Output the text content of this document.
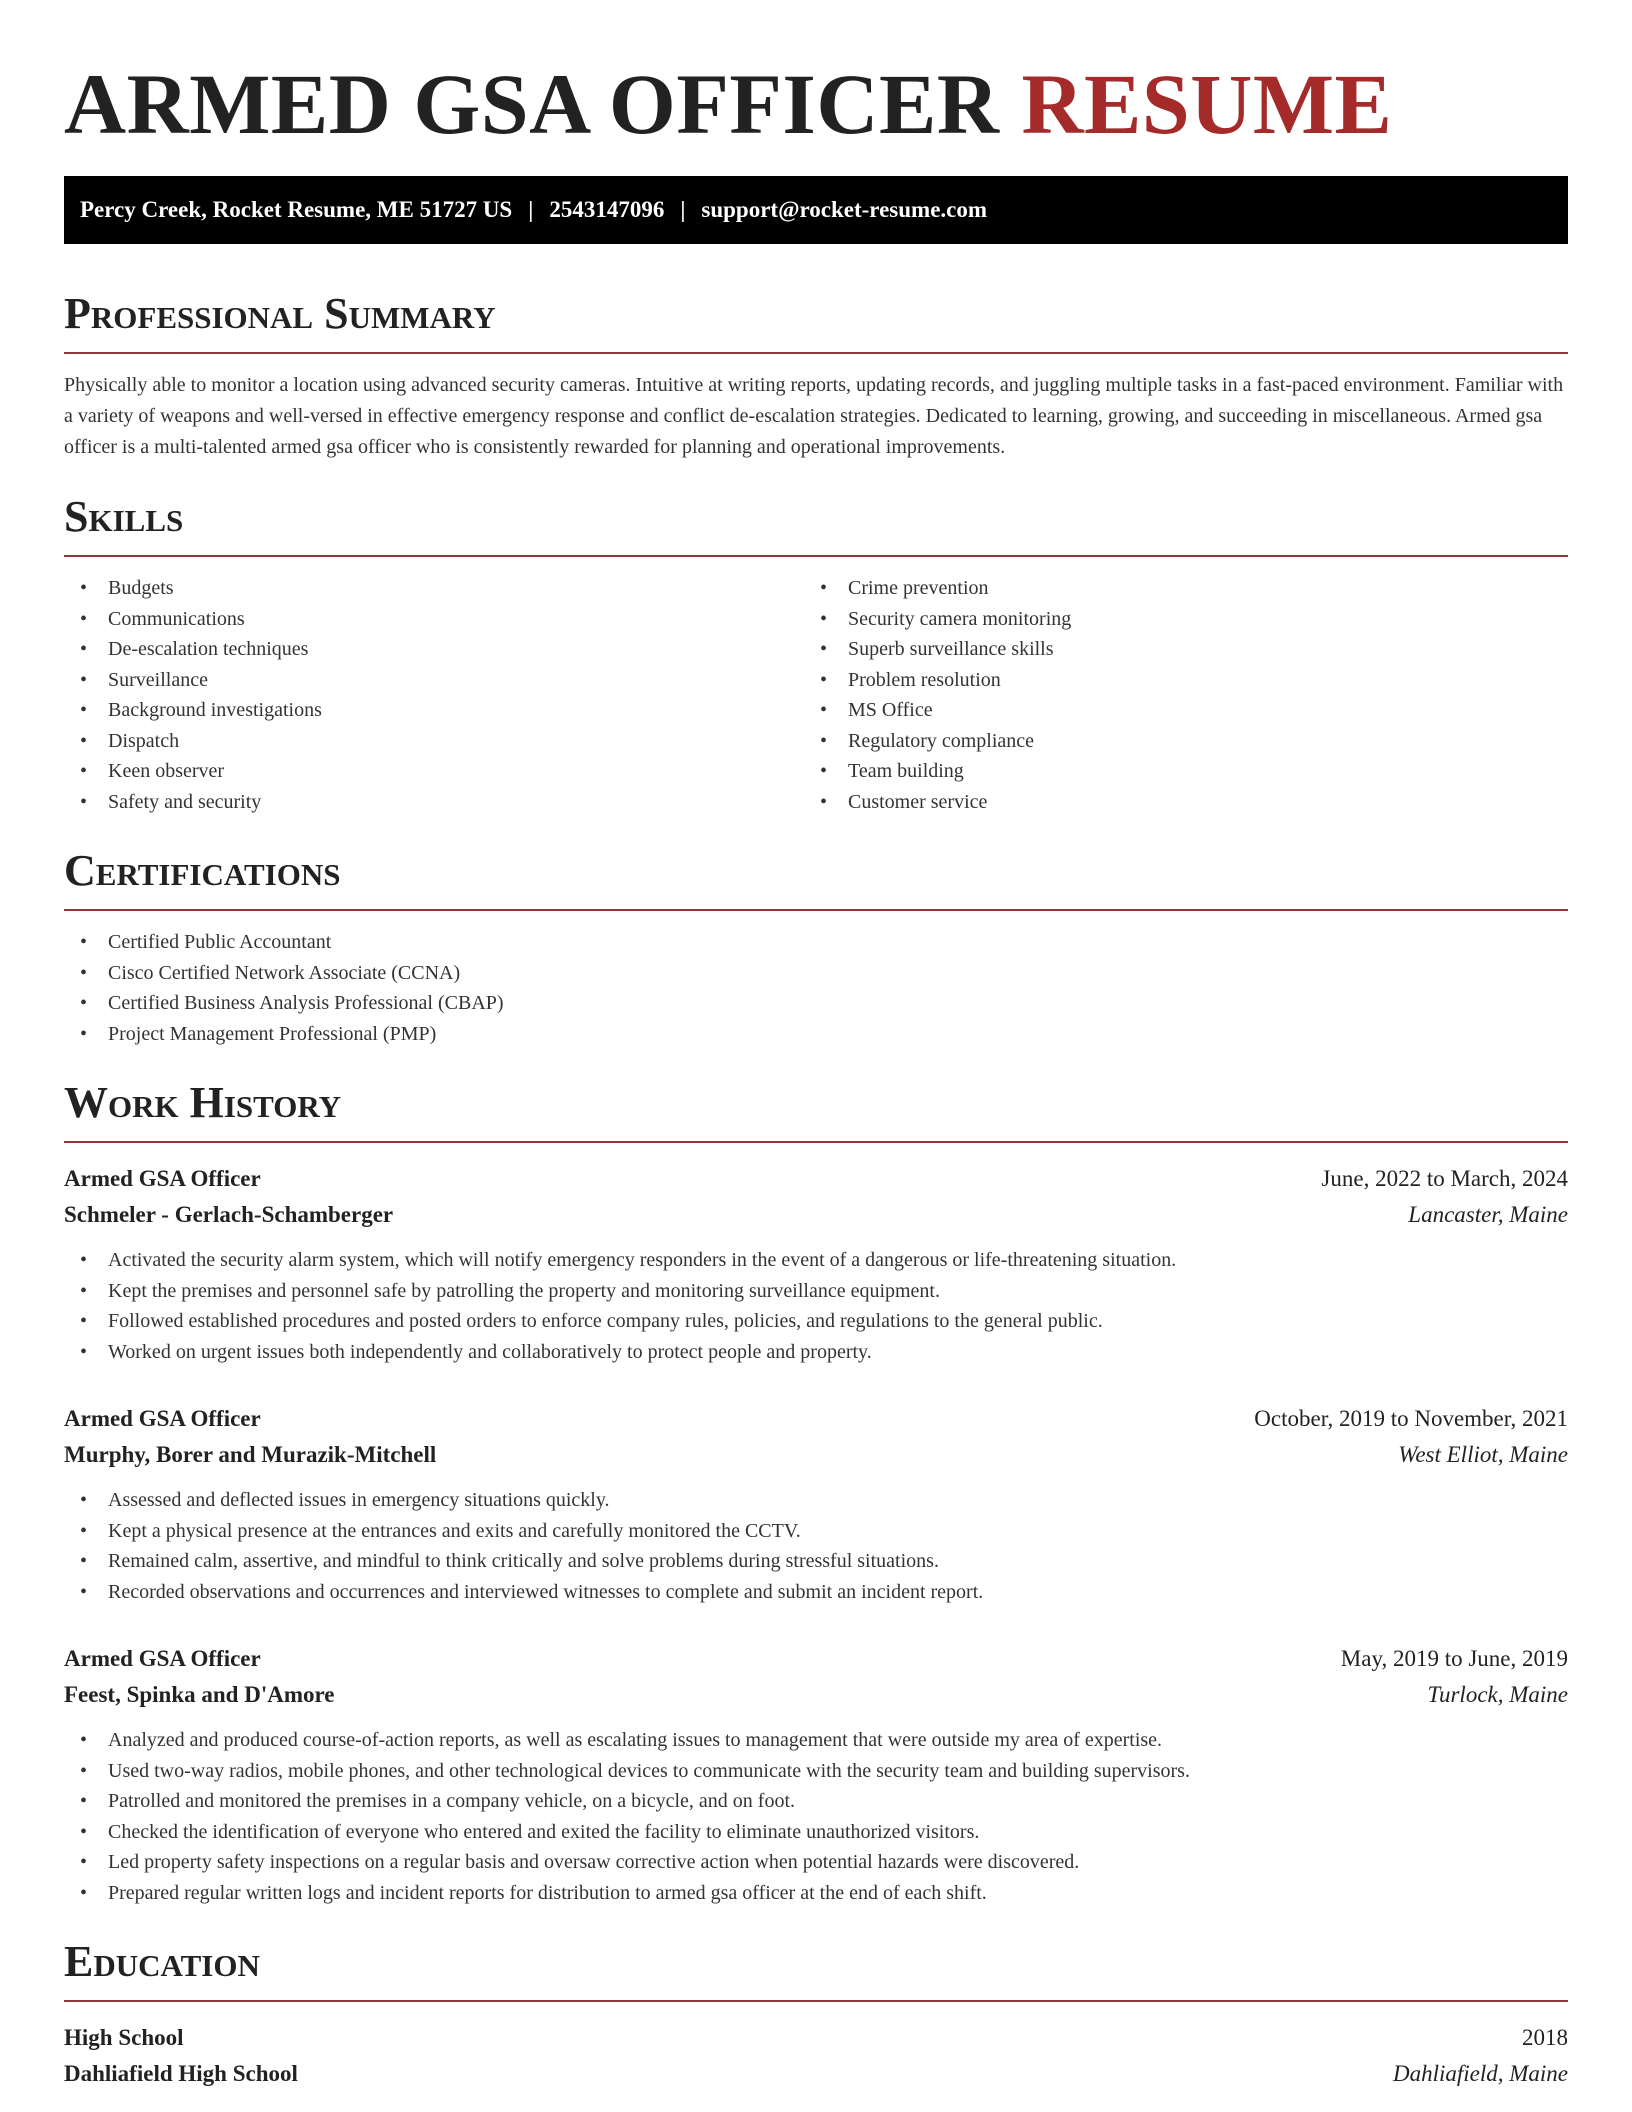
ARMED GSA OFFICER RESUME
Percy Creek, Rocket Resume, ME 51727 US | 2543147096 | support@rocket-resume.com
Professional Summary

Physically able to monitor a location using advanced security cameras. Intuitive at writing reports, updating records, and juggling multiple tasks in a fast-paced environment. Familiar with a variety of weapons and well-versed in effective emergency response and conflict de-escalation strategies. Dedicated to learning, growing, and succeeding in miscellaneous. Armed gsa officer is a multi-talented armed gsa officer who is consistently rewarded for planning and operational improvements.

Skills
• Budgets
• Communications
• De-escalation techniques
• Surveillance
• Background investigations
• Dispatch
• Keen observer
• Safety and security
• Crime prevention
• Security camera monitoring
• Superb surveillance skills
• Problem resolution
• MS Office
• Regulatory compliance
• Team building
• Customer service
Certifications
• Certified Public Accountant
• Cisco Certified Network Associate (CCNA)
• Certified Business Analysis Professional (CBAP)
• Project Management Professional (PMP)
Work History
Armed GSA Officer	June, 2022 to March, 2024
Schmeler - Gerlach-Schamberger	Lancaster, Maine
• Activated the security alarm system, which will notify emergency responders in the event of a dangerous or life-threatening situation.
• Kept the premises and personnel safe by patrolling the property and monitoring surveillance equipment.
• Followed established procedures and posted orders to enforce company rules, policies, and regulations to the general public.
• Worked on urgent issues both independently and collaboratively to protect people and property.
Armed GSA Officer	October, 2019 to November, 2021
Murphy, Borer and Murazik-Mitchell	West Elliot, Maine
• Assessed and deflected issues in emergency situations quickly.
• Kept a physical presence at the entrances and exits and carefully monitored the CCTV.
• Remained calm, assertive, and mindful to think critically and solve problems during stressful situations.
• Recorded observations and occurrences and interviewed witnesses to complete and submit an incident report.
Armed GSA Officer	May, 2019 to June, 2019
Feest, Spinka and D'Amore	Turlock, Maine
• Analyzed and produced course-of-action reports, as well as escalating issues to management that were outside my area of expertise.
• Used two-way radios, mobile phones, and other technological devices to communicate with the security team and building supervisors.
• Patrolled and monitored the premises in a company vehicle, on a bicycle, and on foot.
• Checked the identification of everyone who entered and exited the facility to eliminate unauthorized visitors.
• Led property safety inspections on a regular basis and oversaw corrective action when potential hazards were discovered.
• Prepared regular written logs and incident reports for distribution to armed gsa officer at the end of each shift.
Education
High School	2018
Dahliafield High School	Dahliafield, Maine
